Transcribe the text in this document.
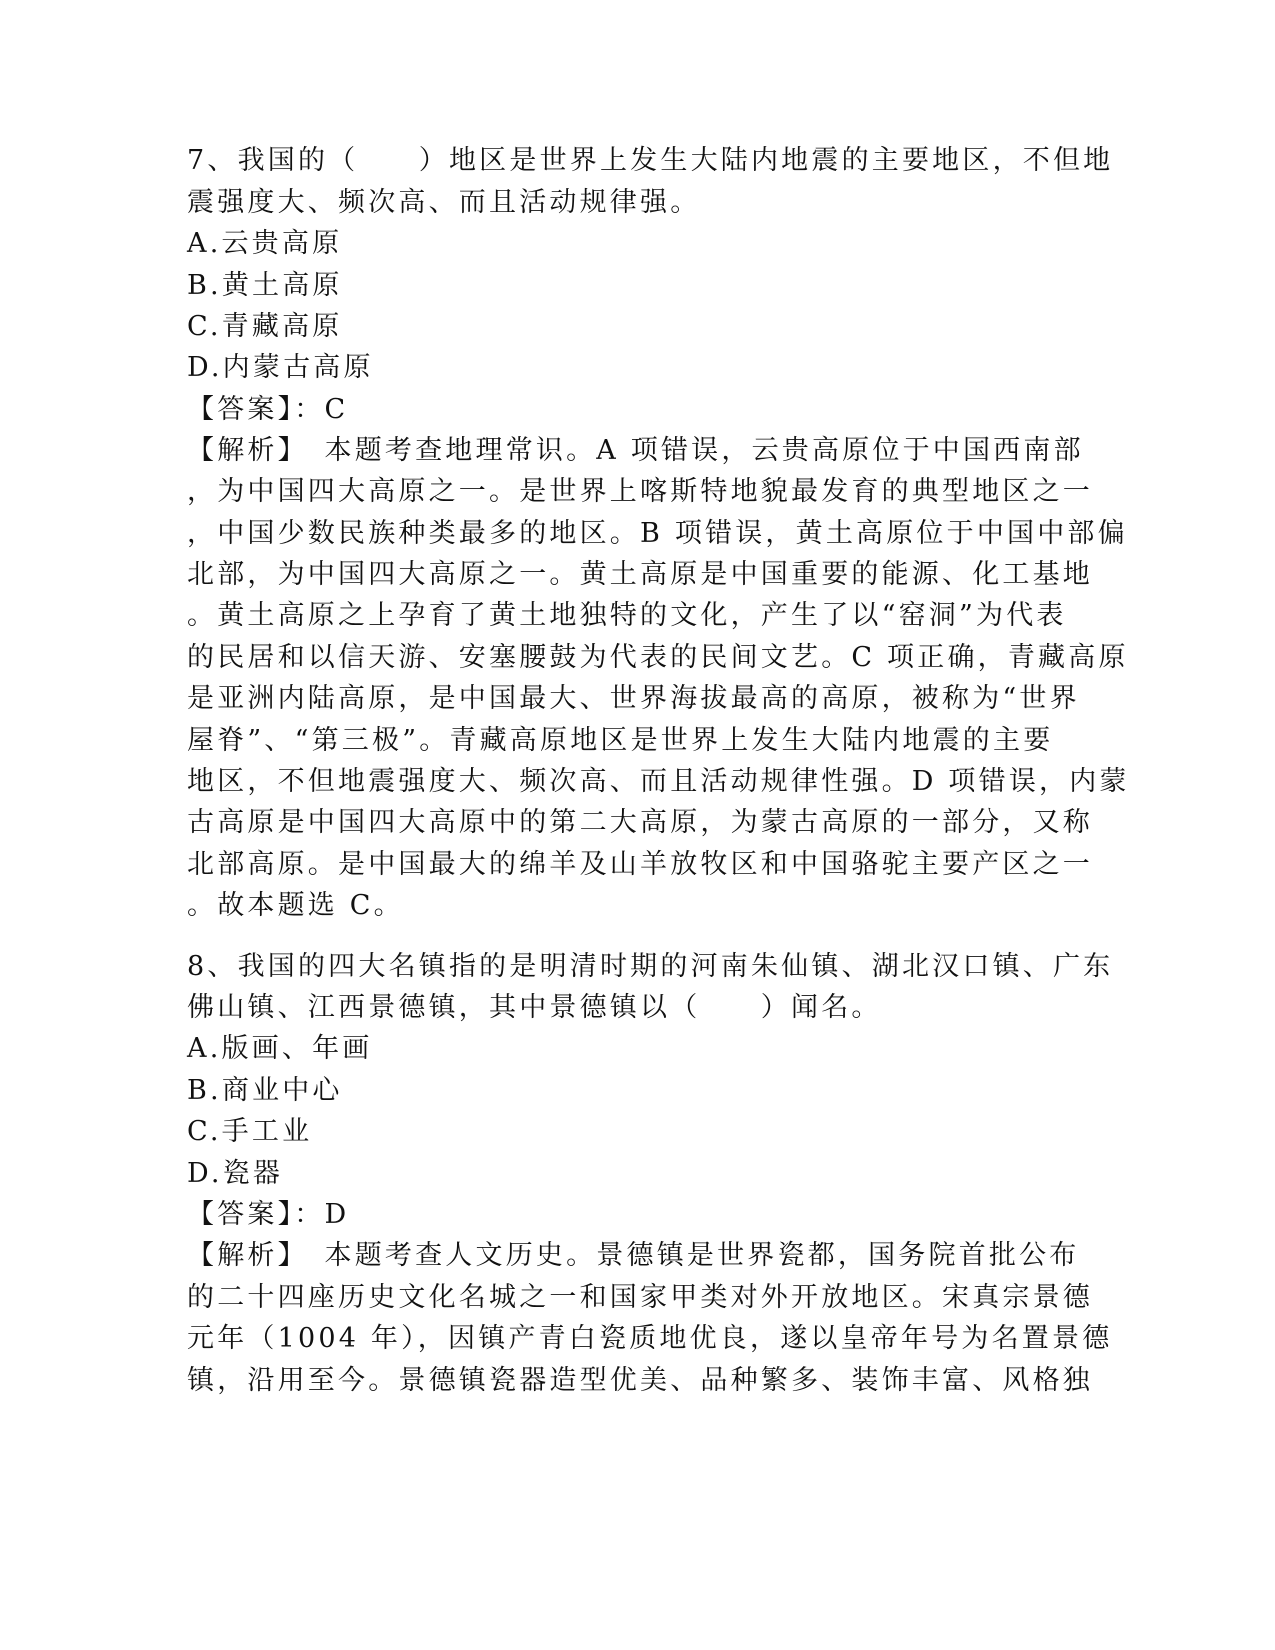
7、我国的（　　）地区是世界上发生大陆内地震的主要地区，不但地
震强度大、频次高、而且活动规律强。
A.云贵高原
B.黄土高原
C.青藏高原
D.内蒙古高原
【答案】：C
【解析】　本题考查地理常识。A 项错误，云贵高原位于中国西南部
，为中国四大高原之一。是世界上喀斯特地貌最发育的典型地区之一
，中国少数民族种类最多的地区。B 项错误，黄土高原位于中国中部偏
北部，为中国四大高原之一。黄土高原是中国重要的能源、化工基地
。黄土高原之上孕育了黄土地独特的文化，产生了以“窑洞”为代表
的民居和以信天游、安塞腰鼓为代表的民间文艺。C 项正确，青藏高原
是亚洲内陆高原，是中国最大、世界海拔最高的高原，被称为“世界
屋脊”、“第三极”。青藏高原地区是世界上发生大陆内地震的主要
地区，不但地震强度大、频次高、而且活动规律性强。D 项错误，内蒙
古高原是中国四大高原中的第二大高原，为蒙古高原的一部分，又称
北部高原。是中国最大的绵羊及山羊放牧区和中国骆驼主要产区之一
。故本题选 C。
8、我国的四大名镇指的是明清时期的河南朱仙镇、湖北汉口镇、广东
佛山镇、江西景德镇，其中景德镇以（　　）闻名。
A.版画、年画
B.商业中心
C.手工业
D.瓷器
【答案】：D
【解析】　本题考查人文历史。景德镇是世界瓷都，国务院首批公布
的二十四座历史文化名城之一和国家甲类对外开放地区。宋真宗景德
元年（1004 年），因镇产青白瓷质地优良，遂以皇帝年号为名置景德
镇，沿用至今。景德镇瓷器造型优美、品种繁多、装饰丰富、风格独
